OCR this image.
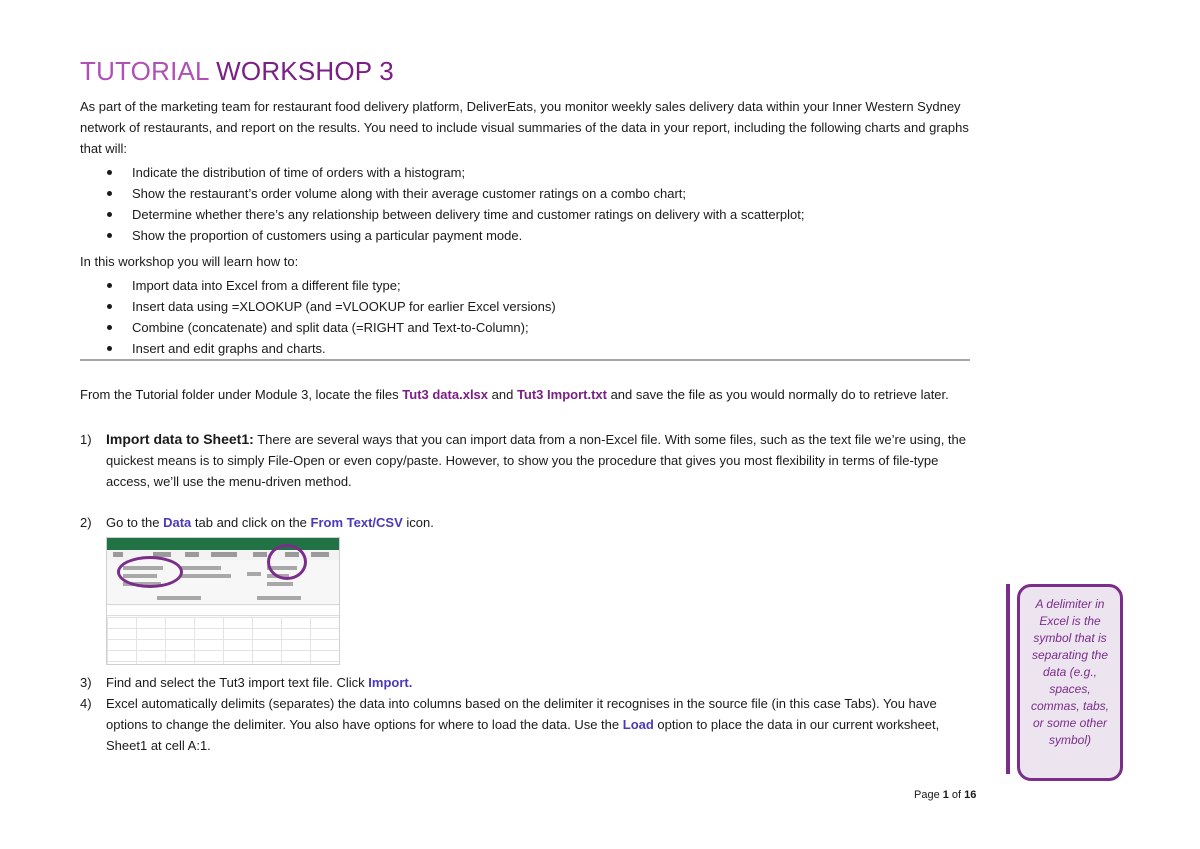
TUTORIAL WORKSHOP 3

As part of the marketing team for restaurant food delivery platform, DeliverEats, you monitor weekly sales delivery data within your Inner Western Sydney network of restaurants, and report on the results. You need to include visual summaries of the data in your report, including the following charts and graphs that will:

Indicate the distribution of time of orders with a histogram;
Show the restaurant’s order volume along with their average customer ratings on a combo chart;
Determine whether there’s any relationship between delivery time and customer ratings on delivery with a scatterplot;
Show the proportion of customers using a particular payment mode.

In this workshop you will learn how to:

Import data into Excel from a different file type;
Insert data using =XLOOKUP (and =VLOOKUP for earlier Excel versions)
Combine (concatenate) and split data (=RIGHT and Text-to-Column);
Insert and edit graphs and charts.

From the Tutorial folder under Module 3, locate the files Tut3 data.xlsx and Tut3 Import.txt and save the file as you would normally do to retrieve later.

1) Import data to Sheet1: There are several ways that you can import data from a non-Excel file. With some files, such as the text file we’re using, the quickest means is to simply File-Open or even copy/paste. However, to show you the procedure that gives you most flexibility in terms of file-type access, we’ll use the menu-driven method.

2) Go to the Data tab and click on the From Text/CSV icon.

3) Find and select the Tut3 import text file. Click Import.

4) Excel automatically delimits (separates) the data into columns based on the delimiter it recognises in the source file (in this case Tabs). You have options to change the delimiter. You also have options for where to load the data. Use the Load option to place the data in our current worksheet, Sheet1 at cell A:1.

A delimiter in Excel is the symbol that is separating the data (e.g., spaces, commas, tabs, or some other symbol)

Page 1 of 16
